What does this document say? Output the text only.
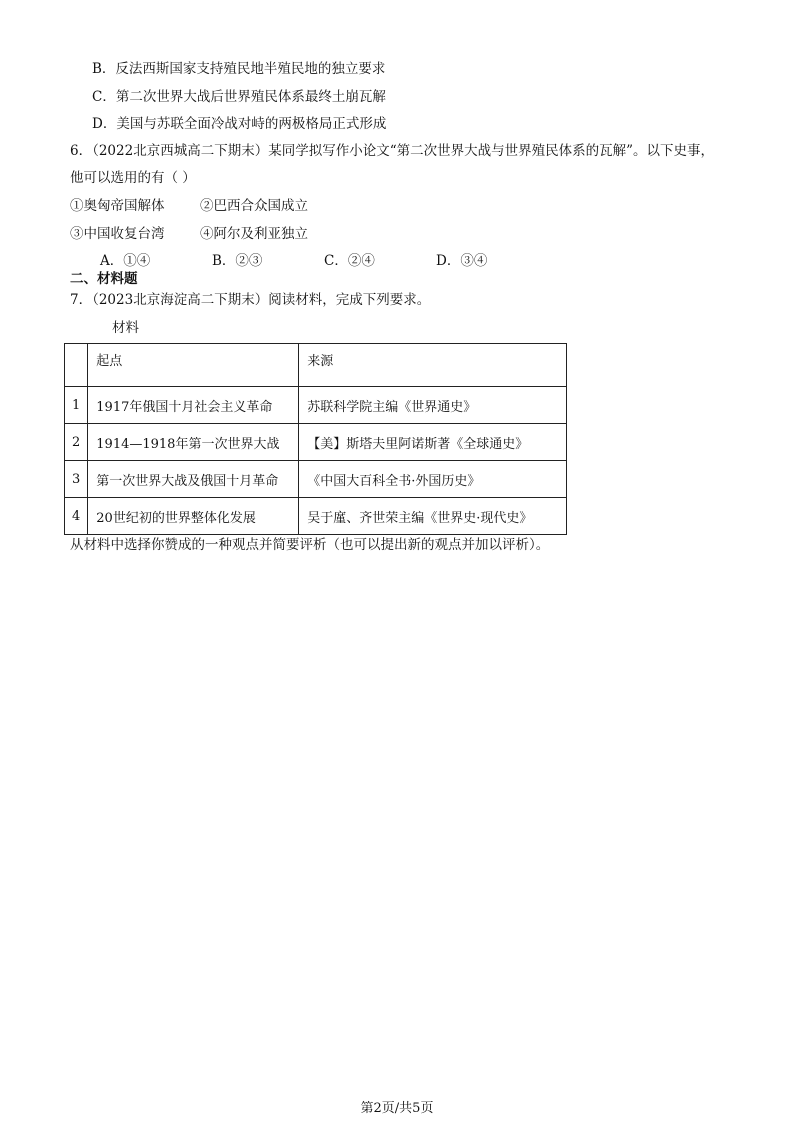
B．反法西斯国家支持殖民地半殖民地的独立要求
C．第二次世界大战后世界殖民体系最终土崩瓦解
D．美国与苏联全面冷战对峙的两极格局正式形成
6．（2022北京西城高二下期末）某同学拟写作小论文“第二次世界大战与世界殖民体系的瓦解”。以下史事，
他可以选用的有（ ）
①奥匈帝国解体	②巴西合众国成立
③中国收复台湾	④阿尔及利亚独立
A．①④	B．②③	C．②④	D．③④
二、材料题
7．（2023北京海淀高二下期末）阅读材料，完成下列要求。
材料
	起点	来源
1	1917年俄国十月社会主义革命	苏联科学院主编《世界通史》
2	1914—1918年第一次世界大战	【美】斯塔夫里阿诺斯著《全球通史》
3	第一次世界大战及俄国十月革命	《中国大百科全书·外国历史》
4	20世纪初的世界整体化发展	吴于廑、齐世荣主编《世界史·现代史》
从材料中选择你赞成的一种观点并简要评析（也可以提出新的观点并加以评析）。
第2页/共5页
